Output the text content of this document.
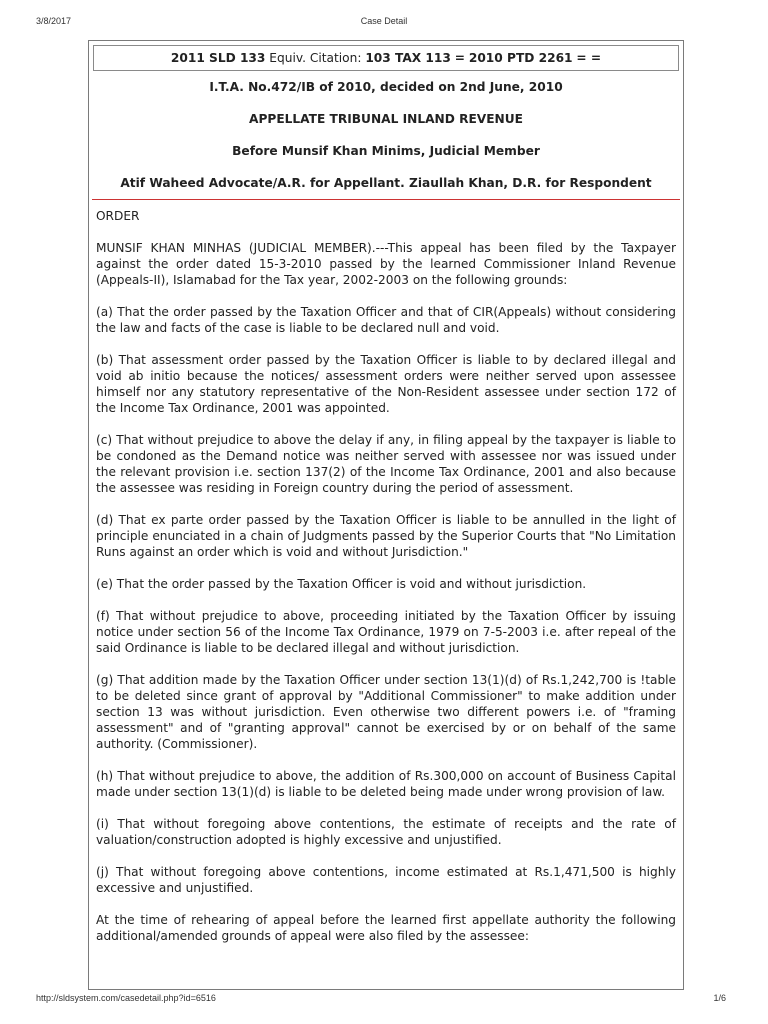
Case Detail
3/8/2017
2011 SLD 133
Equiv. Citation:
103 TAX 113
=
2010 PTD 2261
= =
I.T.A. No.472/IB of 2010, decided on 2nd June, 2010
APPELLATE TRIBUNAL INLAND REVENUE
Before Munsif Khan Minims, Judicial Member
Atif Waheed Advocate/A.R. for Appellant. Ziaullah Khan, D.R. for Respondent

ORDER

MUNSIF KHAN MINHAS (JUDICIAL MEMBER).---This appeal has been filed by the Taxpayer against the order dated 15-3-2010 passed by the learned Commissioner Inland Revenue (Appeals-II), Islamabad for the Tax year, 2002-2003 on the following grounds:

(a) That the order passed by the Taxation Officer and that of CIR(Appeals) without considering the law and facts of the case is liable to be declared null and void.

(b) That assessment order passed by the Taxation Officer is liable to by declared illegal and void ab initio because the notices/ assessment orders were neither served upon assessee himself nor any statutory representative of the Non-Resident assessee under section 172 of the Income Tax Ordinance, 2001 was appointed.

(c) That without prejudice to above the delay if any, in filing appeal by the taxpayer is liable to be condoned as the Demand notice was neither served with assessee nor was issued under the relevant provision i.e. section 137(2) of the Income Tax Ordinance, 2001 and also because the assessee was residing in Foreign country during the period of assessment.

(d) That ex parte order passed by the Taxation Officer is liable to be annulled in the light of principle enunciated in a chain of Judgments passed by the Superior Courts that "No Limitation Runs against an order which is void and without Jurisdiction."

(e) That the order passed by the Taxation Officer is void and without jurisdiction.

(f) That without prejudice to above, proceeding initiated by the Taxation Officer by issuing notice under section 56 of the Income Tax Ordinance, 1979 on 7-5-2003 i.e. after repeal of the said Ordinance is liable to be declared illegal and without jurisdiction.

(g) That addition made by the Taxation Officer under section 13(1)(d) of Rs.1,242,700 is !table to be deleted since grant of approval by "Additional Commissioner" to make addition under section 13 was without jurisdiction. Even otherwise two different powers i.e. of "framing assessment" and of "granting approval" cannot be exercised by or on behalf of the same authority. (Commissioner).

(h) That without prejudice to above, the addition of Rs.300,000 on account of Business Capital made under section 13(1)(d) is liable to be deleted being made under wrong provision of law.

(i) That without foregoing above contentions, the estimate of receipts and the rate of valuation/construction adopted is highly excessive and unjustified.

(j) That without foregoing above contentions, income estimated at Rs.1,471,500 is highly excessive and unjustified.

At the time of rehearing of appeal before the learned first appellate authority the following additional/amended grounds of appeal were also filed by the assessee:

http://sldsystem.com/casedetail.php?id=6516	1/6
